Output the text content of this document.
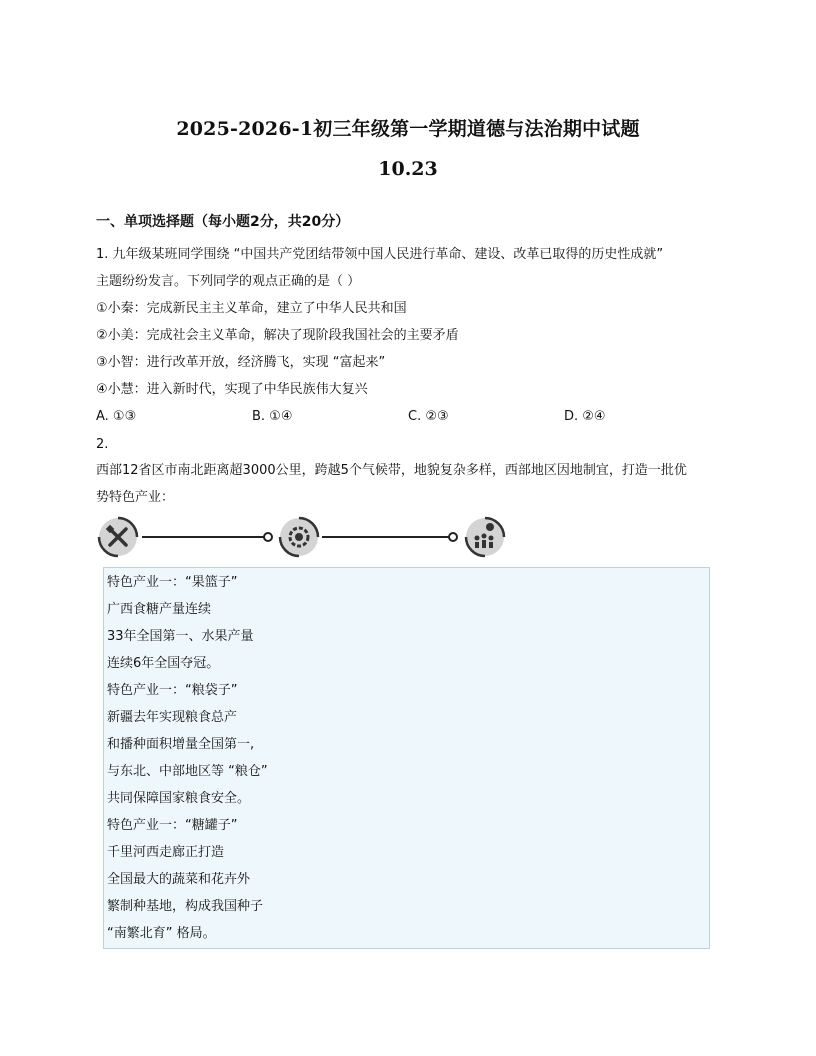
2025-2026-1初三年级第一学期道德与法治期中试题
10.23
一、单项选择题（每小题2分，共20分）
1. 九年级某班同学围绕 “中国共产党团结带领中国人民进行革命、建设、改革已取得的历史性成就”
主题纷纷发言。下列同学的观点正确的是（ ）
①小秦：完成新民主主义革命，建立了中华人民共和国
②小美：完成社会主义革命，解决了现阶段我国社会的主要矛盾
③小智：进行改革开放，经济腾飞，实现 “富起来”
④小慧：进入新时代，实现了中华民族伟大复兴
A. ①③	B. ①④	C. ②③	D. ②④
2.
西部12省区市南北距离超3000公里，跨越5个气候带，地貌复杂多样，西部地区因地制宜，打造一批优
势特色产业：
特色产业一：“果篮子”
广西食糖产量连续
33年全国第一、水果产量
连续6年全国夺冠。
特色产业一：“粮袋子”
新疆去年实现粮食总产
和播种面积增量全国第一,
与东北、中部地区等 “粮仓”
共同保障国家粮食安全。
特色产业一：“糖罐子”
千里河西走廊正打造
全国最大的蔬菜和花卉外
繁制种基地，构成我国种子
“南繁北育” 格局。
